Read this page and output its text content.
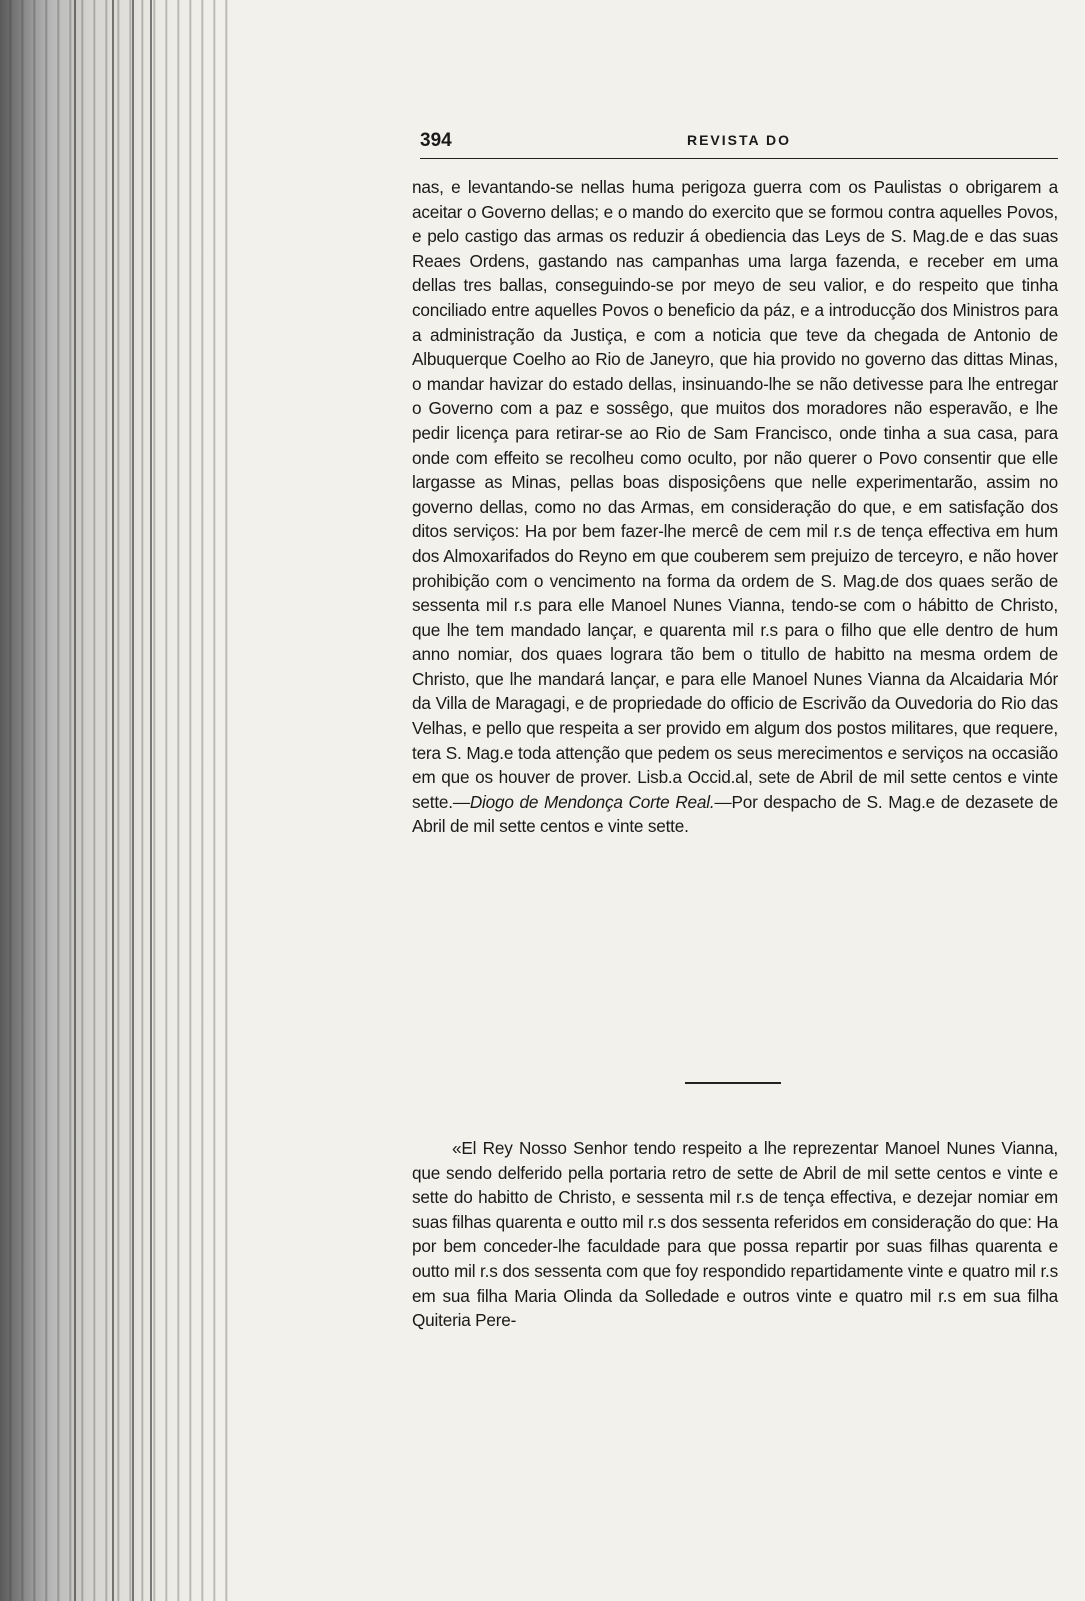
394	REVISTA DO

nas, e levantando-se nellas huma perigoza guerra com os Paulistas o obrigarem a aceitar o Governo dellas; e o mando do exercito que se formou contra aquelles Povos, e pelo castigo das armas os reduzir á obediencia das Leys de S. Mag.de e das suas Reaes Ordens, gastando nas campanhas uma larga fazenda, e receber em uma dellas tres ballas, conseguindo-se por meyo de seu valior, e do respeito que tinha conciliado entre aquelles Povos o beneficio da páz, e a introducção dos Ministros para a administração da Justiça, e com a noticia que teve da chegada de Antonio de Albuquerque Coelho ao Rio de Janeyro, que hia provido no governo das dittas Minas, o mandar havizar do estado dellas, insinuando-lhe se não detivesse para lhe entregar o Governo com a paz e sossêgo, que muitos dos moradores não esperavão, e lhe pedir licença para retirar-se ao Rio de Sam Francisco, onde tinha a sua casa, para onde com effeito se recolheu como oculto, por não querer o Povo consentir que elle largasse as Minas, pellas boas disposiçôens que nelle experimentarão, assim no governo dellas, como no das Armas, em consideração do que, e em satisfação dos ditos serviços: Ha por bem fazer-lhe mercê de cem mil r.s de tença effectiva em hum dos Almoxarifados do Reyno em que couberem sem prejuizo de terceyro, e não hover prohibição com o vencimento na forma da ordem de S. Mag.de dos quaes serão de sessenta mil r.s para elle Manoel Nunes Vianna, tendo-se com o hábitto de Christo, que lhe tem mandado lançar, e quarenta mil r.s para o filho que elle dentro de hum anno nomiar, dos quaes lograra tão bem o titullo de habitto na mesma ordem de Christo, que lhe mandará lançar, e para elle Manoel Nunes Vianna da Alcaidaria Mór da Villa de Maragagi, e de propriedade do officio de Escrivão da Ouvedoria do Rio das Velhas, e pello que respeita a ser provido em algum dos postos militares, que requere, tera S. Mag.e toda attenção que pedem os seus merecimentos e serviços na occasião em que os houver de prover. Lisb.a Occid.al, sete de Abril de mil sette centos e vinte sette.—Diogo de Mendonça Corte Real.—Por despacho de S. Mag.e de dezasete de Abril de mil sette centos e vinte sette.

«El Rey Nosso Senhor tendo respeito a lhe reprezentar Manoel Nunes Vianna, que sendo delferido pella portaria retro de sette de Abril de mil sette centos e vinte e sette do habitto de Christo, e sessenta mil r.s de tença effectiva, e dezejar nomiar em suas filhas quarenta e outto mil r.s dos sessenta referidos em consideração do que: Ha por bem conceder-lhe faculdade para que possa repartir por suas filhas quarenta e outto mil r.s dos sessenta com que foy respondido repartidamente vinte e quatro mil r.s em sua filha Maria Olinda da Solledade e outros vinte e quatro mil r.s em sua filha Quiteria Pere-
